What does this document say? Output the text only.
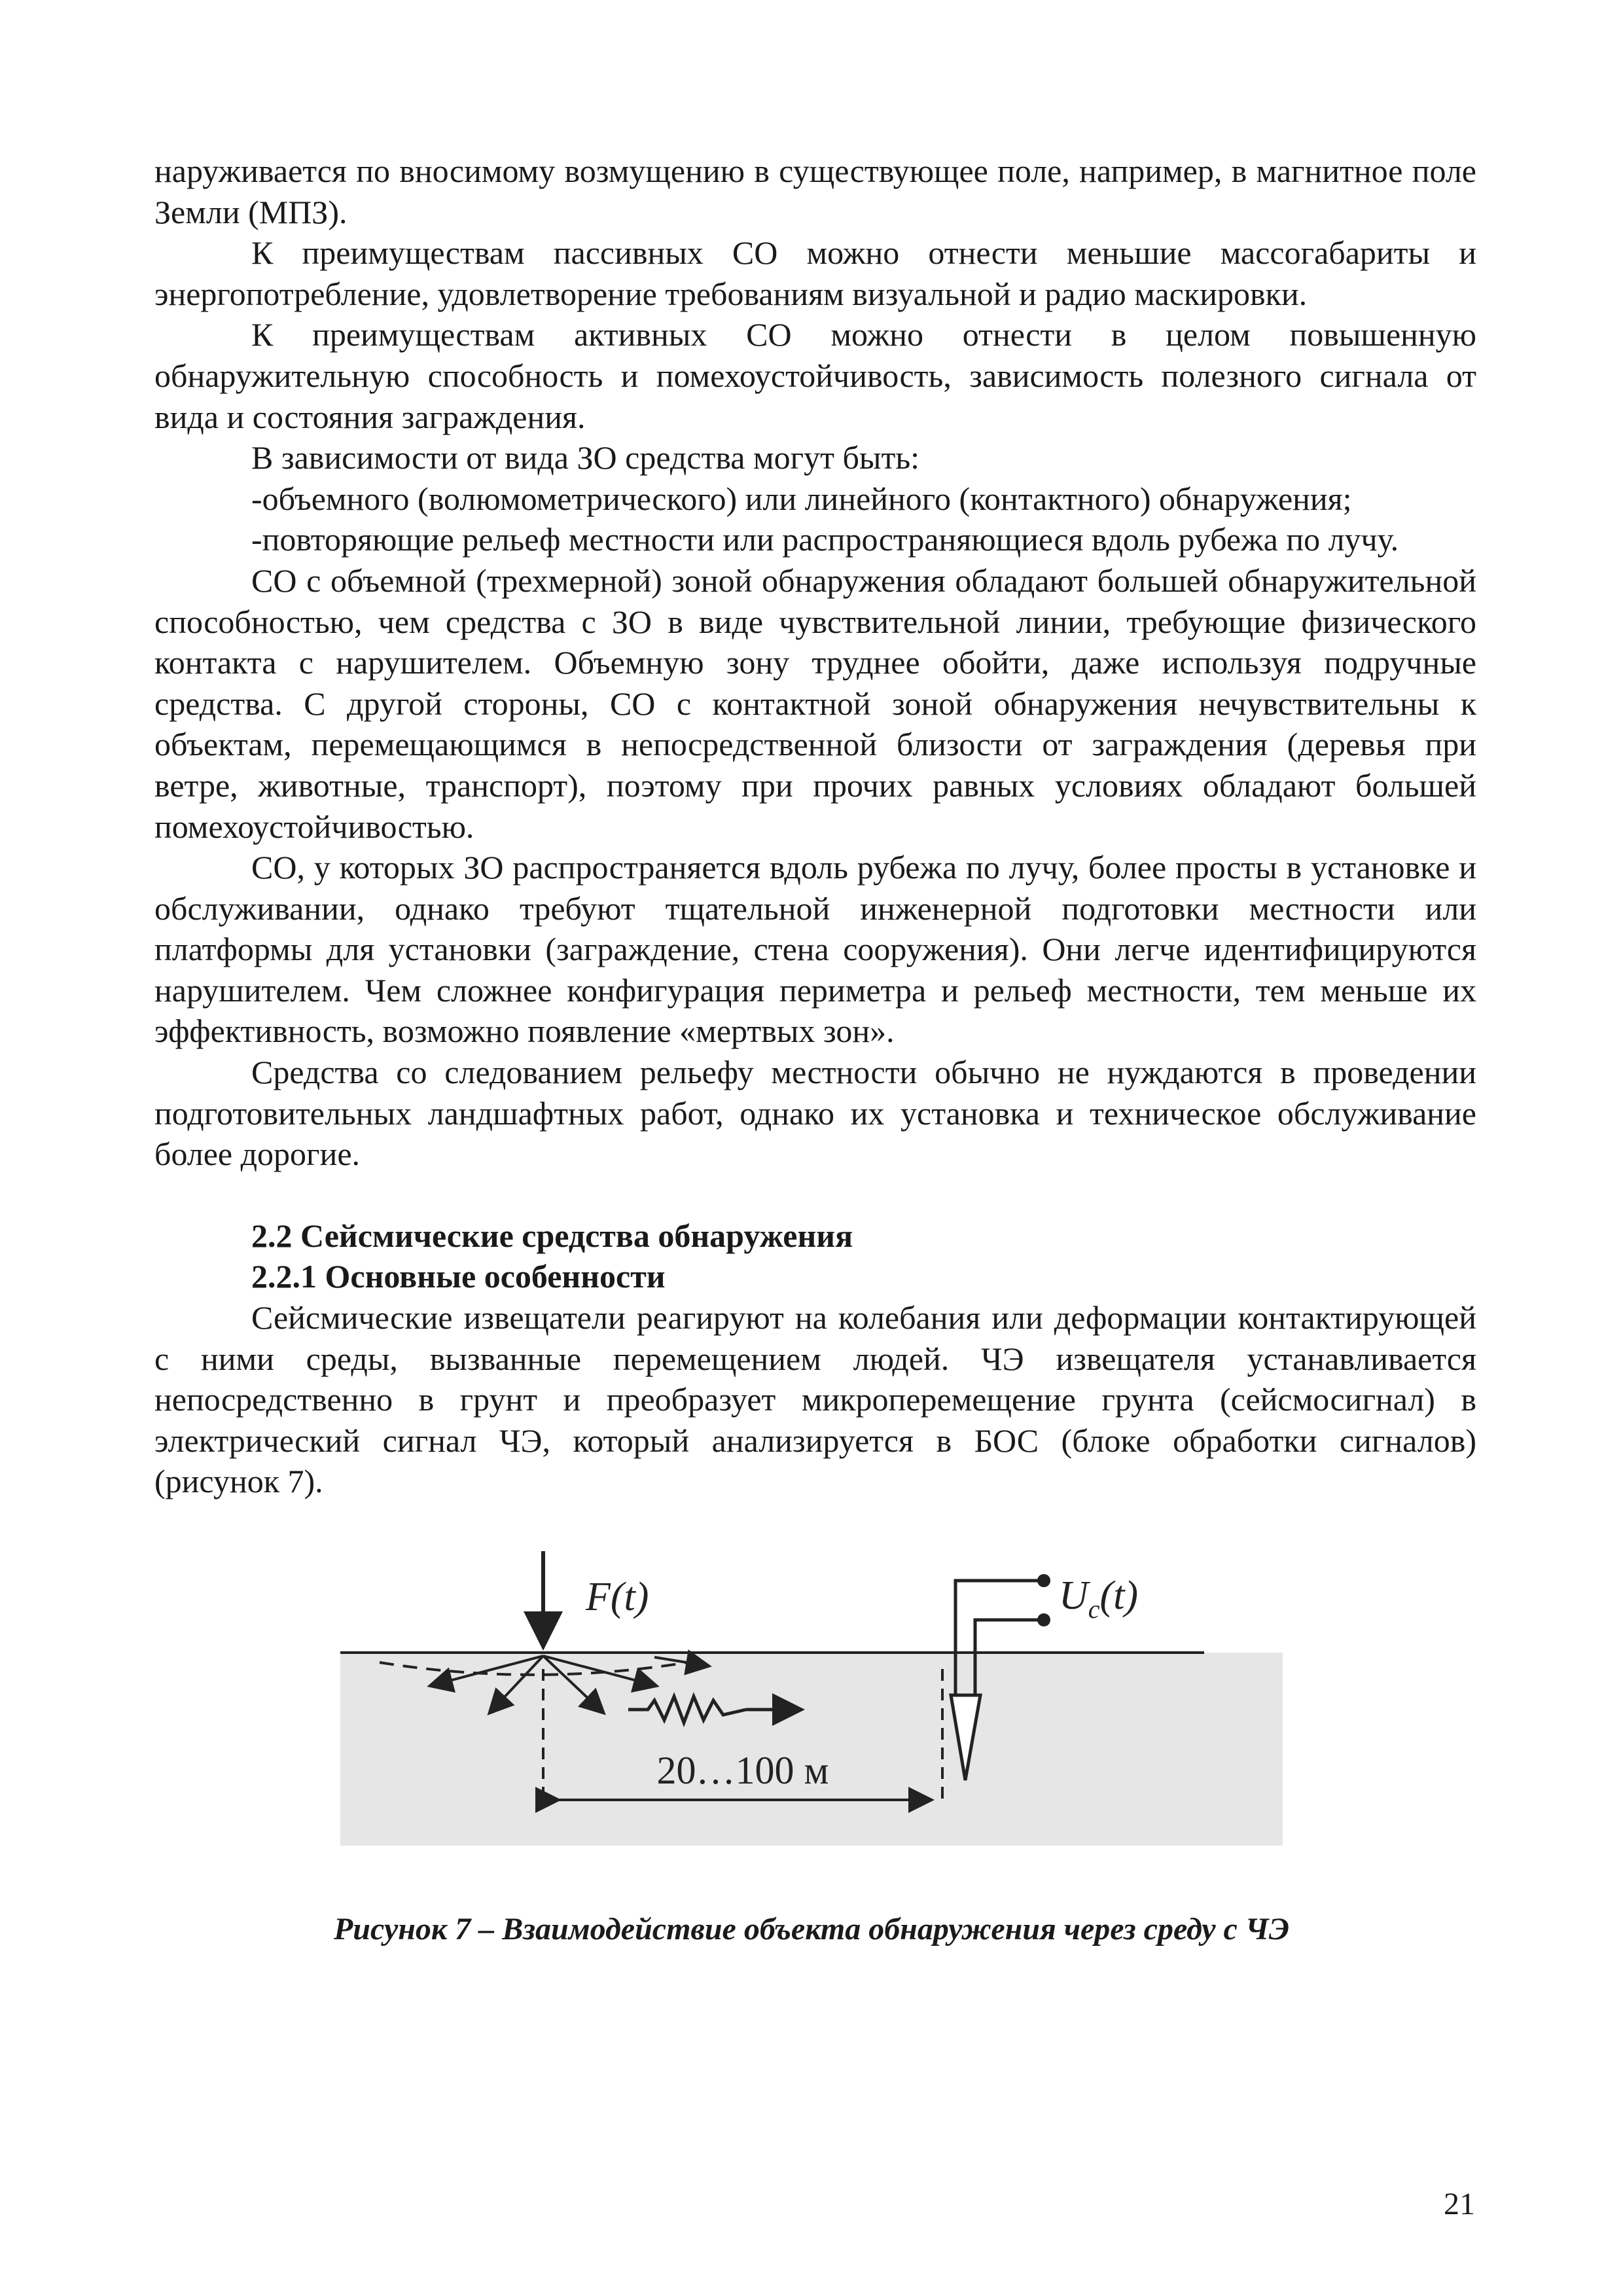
наруживается по вносимому возмущению в существующее поле, например, в магнитное поле Земли (МПЗ).

К преимуществам пассивных СО можно отнести меньшие массогабариты и энергопотребление, удовлетворение требованиям визуальной и радио маскировки.

К преимуществам активных СО можно отнести в целом повышенную обнаружительную способность и помехоустойчивость, зависимость полезного сигнала от вида и состояния заграждения.

В зависимости от вида ЗО средства могут быть:

-объемного (волюмометрического) или линейного (контактного) обнаружения;

-повторяющие рельеф местности или распространяющиеся вдоль рубежа по лучу.

СО с объемной (трехмерной) зоной обнаружения обладают большей обнаружительной способностью, чем средства с ЗО в виде чувствительной линии, требующие физического контакта с нарушителем. Объемную зону труднее обойти, даже используя подручные средства. С другой стороны, СО с контактной зоной обнаружения нечувствительны к объектам, перемещающимся в непосредственной близости от заграждения (деревья при ветре, животные, транспорт), поэтому при прочих равных условиях обладают большей помехоустойчивостью.

СО, у которых ЗО распространяется вдоль рубежа по лучу, более просты в установке и обслуживании, однако требуют тщательной инженерной подготовки местности или платформы для установки (заграждение, стена сооружения). Они легче идентифицируются нарушителем. Чем сложнее конфигурация периметра и рельеф местности, тем меньше их эффективность, возможно появление «мертвых зон».

Средства со следованием рельефу местности обычно не нуждаются в проведении подготовительных ландшафтных работ, однако их установка и техническое обслуживание более дорогие.

2.2 Сейсмические средства обнаружения

2.2.1 Основные особенности

Сейсмические извещатели реагируют на колебания или деформации контактирующей с ними среды, вызванные перемещением людей. ЧЭ извещателя устанавливается непосредственно в грунт и преобразует микроперемещение грунта (сейсмосигнал) в электрический сигнал ЧЭ, который анализируется в БОС (блоке обработки сигналов) (рисунок 7).

F(t)	$U_c(t)$
20…100 м
Рисунок 7 – Взаимодействие объекта обнаружения через среду с ЧЭ
21
